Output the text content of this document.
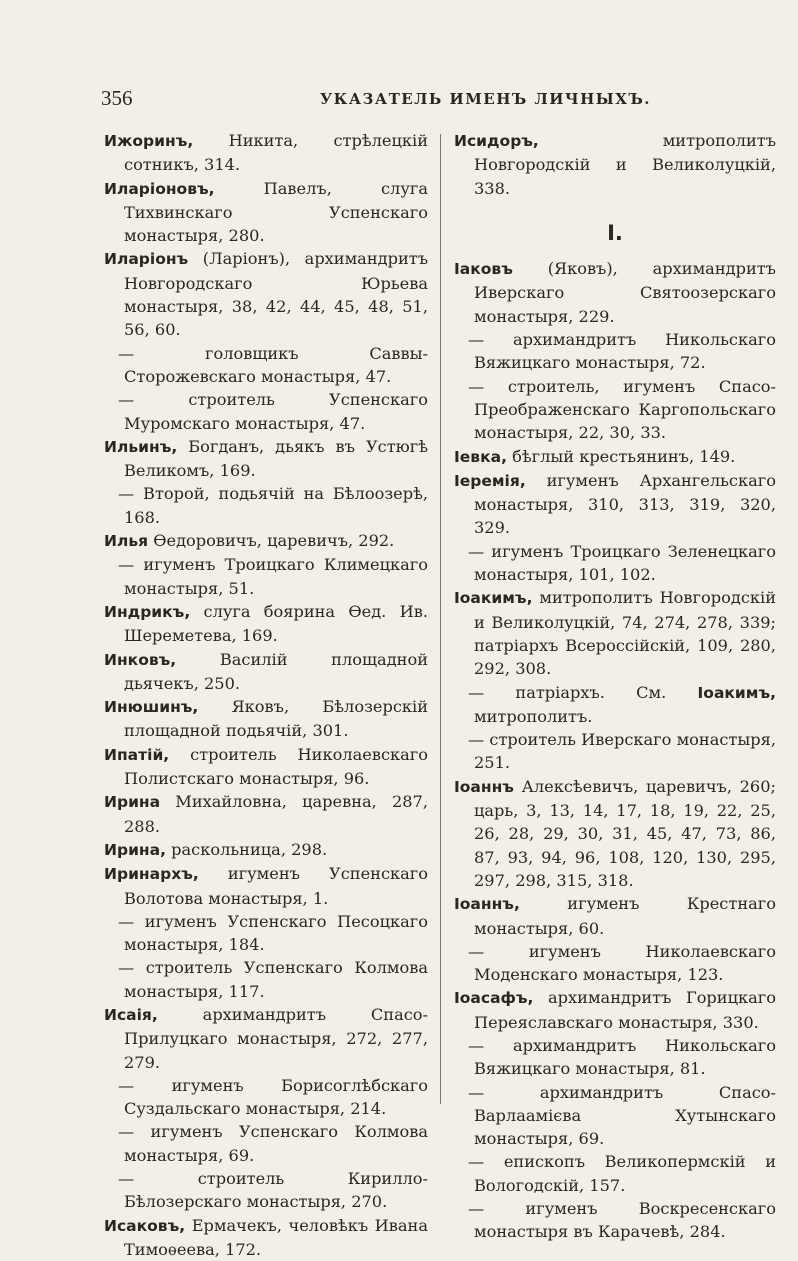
356	УКАЗАТЕЛЬ ИМЕНЪ ЛИЧНЫХЪ.

Ижоринъ, Никита, стрѣлецкій сотникъ, 314.

Иларіоновъ, Павелъ, слуга Тихвинскаго Успенскаго монастыря, 280.

Иларіонъ (Ларіонъ), архимандритъ Новгородскаго Юрьева монастыря, 38, 42, 44, 45, 48, 51, 56, 60.

— головщикъ Саввы-Сторожевскаго монастыря, 47.

— строитель Успенскаго Муромскаго монастыря, 47.

Ильинъ, Богданъ, дьякъ въ Устюгѣ Великомъ, 169.

— Второй, подьячій на Бѣлоозерѣ, 168.

Илья Ѳедоровичъ, царевичъ, 292.

— игуменъ Троицкаго Климецкаго монастыря, 51.

Индрикъ, слуга боярина Ѳед. Ив. Шереметева, 169.

Инковъ, Василій площадной дьячекъ, 250.

Инюшинъ, Яковъ, Бѣлозерскій площадной подьячій, 301.

Ипатій, строитель Николаевскаго Полистскаго монастыря, 96.

Ирина Михайловна, царевна, 287, 288.

Ирина, раскольница, 298.

Иринархъ, игуменъ Успенскаго Волотова монастыря, 1.

— игуменъ Успенскаго Песоцкаго монастыря, 184.

— строитель Успенскаго Колмова монастыря, 117.

Исаія, архимандритъ Спасо-Прилуцкаго монастыря, 272, 277, 279.

— игуменъ Борисоглѣбскаго Суздальскаго монастыря, 214.

— игуменъ Успенскаго Колмова монастыря, 69.

— строитель Кирилло-Бѣлозерскаго монастыря, 270.

Исаковъ, Ермачекъ, человѣкъ Ивана Тимоѳеева, 172.

Исидоръ, митрополитъ Новгородскій и Великолуцкій, 338.

I.

Іаковъ (Яковъ), архимандритъ Иверскаго Святоозерскаго монастыря, 229.

— архимандритъ Никольскаго Вяжицкаго монастыря, 72.

— строитель, игуменъ Спасо-Преображенскаго Каргопольскаго монастыря, 22, 30, 33.

Іевка, бѣглый крестьянинъ, 149.

Іеремія, игуменъ Архангельскаго монастыря, 310, 313, 319, 320, 329.

— игуменъ Троицкаго Зеленецкаго монастыря, 101, 102.

Іоакимъ, митрополитъ Новгородскій и Великолуцкій, 74, 274, 278, 339; патріархъ Всероссійскій, 109, 280, 292, 308.

— патріархъ. См. Іоакимъ, митрополитъ.

— строитель Иверскаго монастыря, 251.

Іоаннъ Алексѣевичъ, царевичъ, 260; царь, 3, 13, 14, 17, 18, 19, 22, 25, 26, 28, 29, 30, 31, 45, 47, 73, 86, 87, 93, 94, 96, 108, 120, 130, 295, 297, 298, 315, 318.

Іоаннъ, игуменъ Крестнаго монастыря, 60.

— игуменъ Николаевскаго Моденскаго монастыря, 123.

Іоасафъ, архимандритъ Горицкаго Переяславскаго монастыря, 330.

— архимандритъ Никольскаго Вяжицкаго монастыря, 81.

— архимандритъ Спасо-Варлаамієва Хутынскаго монастыря, 69.

— епископъ Великопермскій и Вологодскій, 157.

— игуменъ Воскресенскаго монастыря въ Карачевѣ, 284.
